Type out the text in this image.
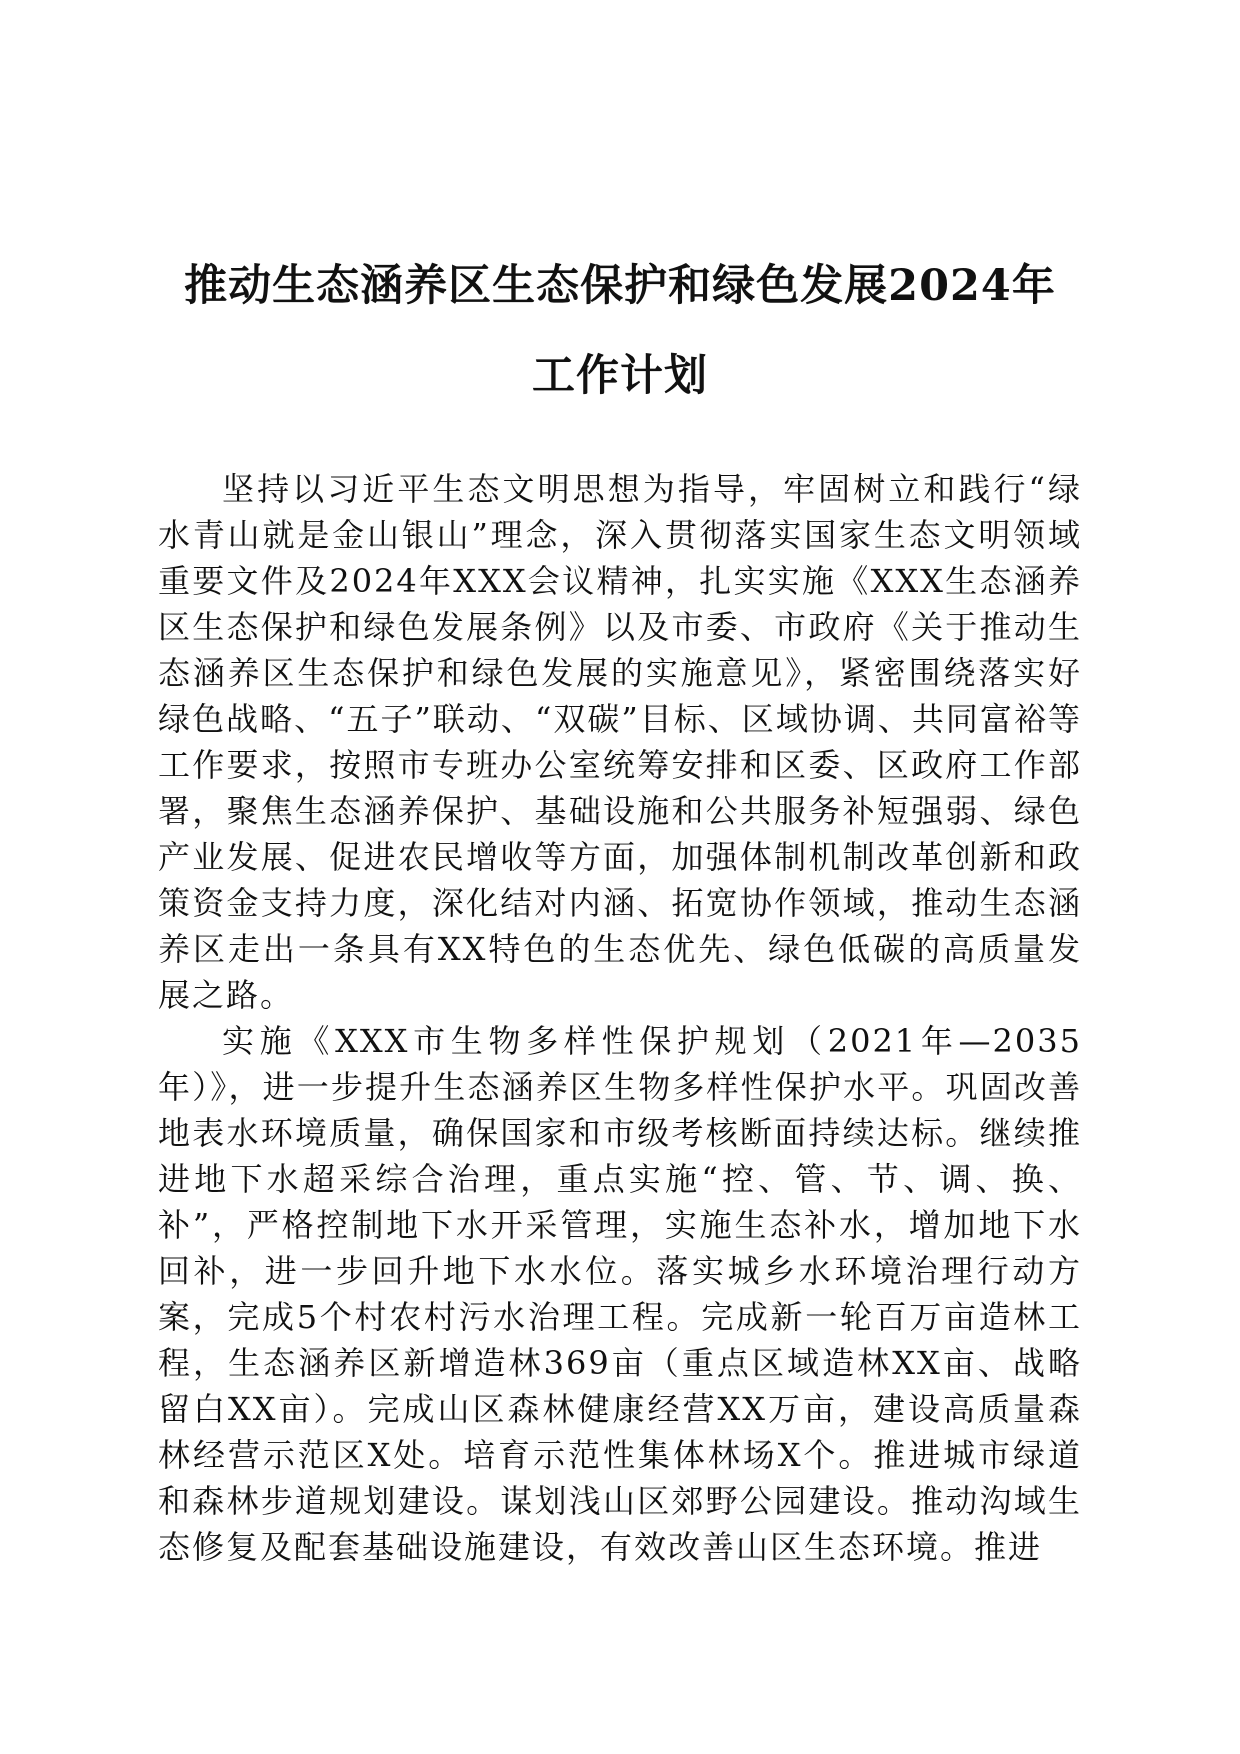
推动生态涵养区生态保护和绿色发展2024年
工作计划

坚持以习近平生态文明思想为指导，牢固树立和践行“绿水青山就是金山银山”理念，深入贯彻落实国家生态文明领域重要文件及2024年XXX会议精神，扎实实施《XXX生态涵养区生态保护和绿色发展条例》以及市委、市政府《关于推动生态涵养区生态保护和绿色发展的实施意见》，紧密围绕落实好绿色战略、“五子”联动、“双碳”目标、区域协调、共同富裕等工作要求，按照市专班办公室统筹安排和区委、区政府工作部署，聚焦生态涵养保护、基础设施和公共服务补短强弱、绿色产业发展、促进农民增收等方面，加强体制机制改革创新和政策资金支持力度，深化结对内涵、拓宽协作领域，推动生态涵养区走出一条具有XX特色的生态优先、绿色低碳的高质量发展之路。

实施《XXX市生物多样性保护规划（2021年—2035年）》，进一步提升生态涵养区生物多样性保护水平。巩固改善地表水环境质量，确保国家和市级考核断面持续达标。继续推进地下水超采综合治理，重点实施“控、管、节、调、换、补”，严格控制地下水开采管理，实施生态补水，增加地下水回补，进一步回升地下水水位。落实城乡水环境治理行动方案，完成5个村农村污水治理工程。完成新一轮百万亩造林工程，生态涵养区新增造林369亩（重点区域造林XX亩、战略留白XX亩）。完成山区森林健康经营XX万亩，建设高质量森林经营示范区X处。培育示范性集体林场X个。推进城市绿道和森林步道规划建设。谋划浅山区郊野公园建设。推动沟域生态修复及配套基础设施建设，有效改善山区生态环境。推进
